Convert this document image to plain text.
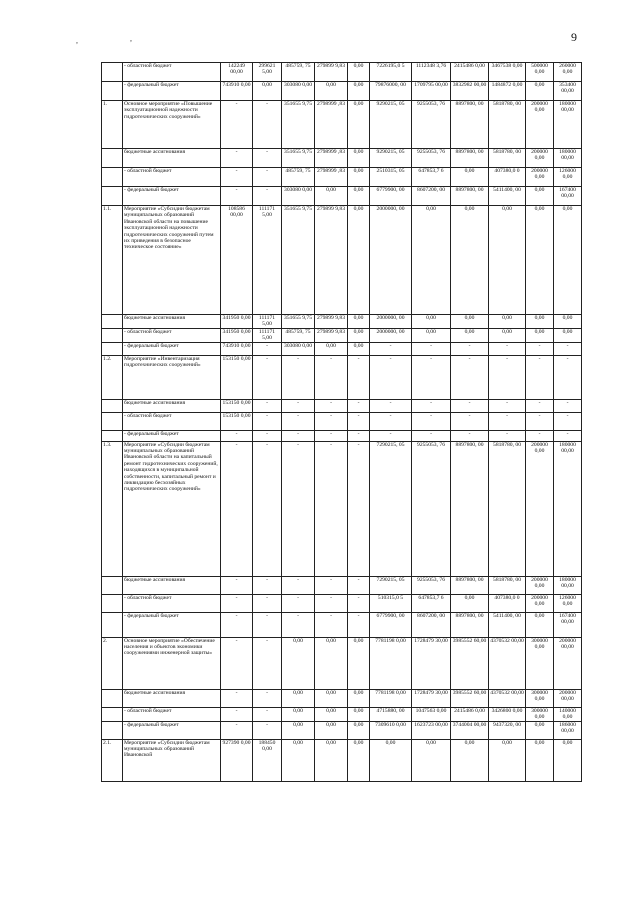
9
,	,
	- областной бюджет	142249 00,00	299621 5,00	485759, 75	279899 9,83	0,00	7226195,0 5	1112348 3,76	2415486 0,00	3467538 0,00	500000 0,00	260000 0,00
	- федеральный бюджет	743910 0,00	0,00	303080 0,00	0,00	0,00	79876000, 00	1709795 00,00	3832982 00,00	1484872 0,00	0,00	353400 00,00
1.	Основное мероприятие «Повышение эксплуатационной надежности гидротехнических сооружений»	-	-	351655 9,75	2798999 ,83	0,00	9290215, 05	9255053, 76	8897800, 00	5818780, 00	200000 0,00	180000 00,00
	бюджетные ассигнования	-	-	351655 9,75	2798999 ,83	0,00	9290215, 05	9255053, 76	8897800, 00	5818780, 00	200000 0,00	180000 00,00
	- областной бюджет	-	-	485759, 75	2798999 ,83	0,00	2510315, 05	647853,7 6	0,00	407380,0 0	200000 0,00	126000 0,00
	- федеральный бюджет	-	-	303080 0,00	0,00	0,00	6779900, 00	8607200, 00	8897800, 00	5411400, 00	0,00	167400 00,00
1.1.	Мероприятие «Субсидии бюджетам муниципальных образований Ивановской области на повышение эксплуатационной надежности гидротехнических сооружений путем их приведения в безопасное техническое состояние»	108586 00,00	111171 5,00	351655 9,75	279899 9,83	0,00	2000000, 00	0,00	0,00	0,00	0,00	0,00
	бюджетные ассигнования	341950 0,00	111171 5,00	351655 9,75	279899 9,83	0,00	2000000, 00	0,00	0,00	0,00	0,00	0,00
	- областной бюджет	341950 0,00	111171 5,00	485759, 75	279899 9,83	0,00	2000000, 00	0,00	0,00	0,00	0,00	0,00
	- федеральный бюджет	743910 0,00	-	303080 0,00	0,00	0,00	-	-	-	-	-	-
1.2.	Мероприятие «Инвентаризация гидротехнических сооружений»	153150 0,00	-	-	-	-	-	-	-	-	-	-
	бюджетные ассигнования	153150 0,00	-	-	-	-	-	-	-	-	-	-
	- областной бюджет	153150 0,00	-	-	-	-	-	-	-	-	-	-
	- федеральный бюджет	-	-	-	-	-	-	-	-	-	-	-
1.3.	Мероприятие «Субсидии бюджетам муниципальных образований Ивановской области на капитальный ремонт гидротехнических сооружений, находящихся в муниципальной собственности, капитальный ремонт и ликвидацию бесхозяйных гидротехнических сооружений»	-	-	-	-	-	7290215, 05	9255053, 76	8897800, 00	5818780, 00	200000 0,00	180000 00,00
	бюджетные ассигнования	-	-	-	-	-	7290215, 05	9255053, 76	8897800, 00	5818780, 00	200000 0,00	180000 00,00
	- областной бюджет	-	-	-	-	-	510315,0 5	647853,7 6	0,00	407380,0 0	200000 0,00	126000 0,00
	- федеральный бюджет	-	-	-	-	-	6779900, 00	8607200, 00	8897800, 00	5411400, 00	0,00	167400 00,00
2.	Основное мероприятие «Обеспечение населения и объектов экономики сооружениями инженерной защиты»	-	-	0,00	0,00	0,00	7781198 0,00	1728479 30,00	3985552 60,00	4370532 00,00	300000 0,00	200000 00,00
	бюджетные ассигнования	-	-	0,00	0,00	0,00	7781198 0,00	1728479 30,00	3985552 60,00	4370532 00,00	300000 0,00	200000 00,00
	- областной бюджет	-	-	0,00	0,00	0,00	4715880, 00	1047563 0,00	2415486 0,00	3426800 0,00	300000 0,00	140000 0,00
	- федеральный бюджет	-	-	0,00	0,00	0,00	7309610 0,00	1623723 00,00	3744004 00,00	9437320, 00	0,00	186000 00,00
2.1.	Мероприятие «Субсидии бюджетам муниципальных образований Ивановской	927390 0,00	188450 0,00	0,00	0,00	0,00	0,00	0,00	0,00	0,00	0,00	0,00
